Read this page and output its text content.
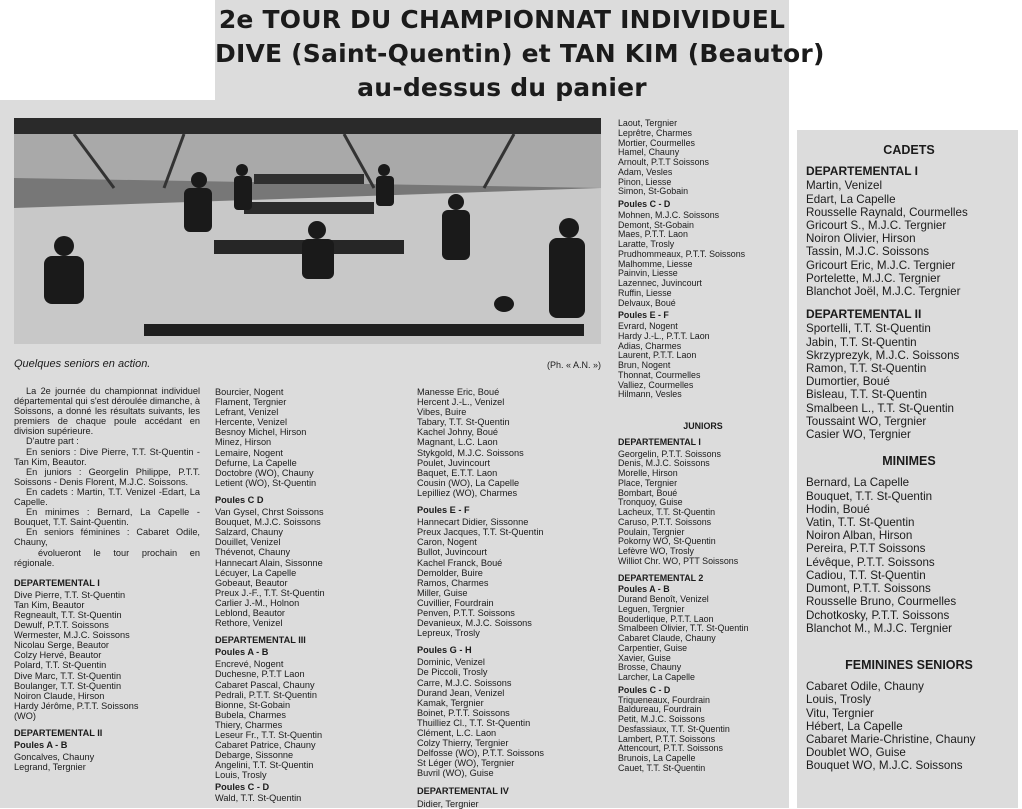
2e TOUR DU CHAMPIONNAT INDIVIDUEL
DIVE (Saint-Quentin) et TAN KIM (Beautor)
au-dessus du panier
Quelques seniors en action.	(Ph. « A.N. »)
La 2e journée du championnat individuel départemental qui s'est déroulée dimanche, à Soissons, a donné les résultats suivants, les premiers de chaque poule accédant en division supérieure.
D'autre part :
En seniors : Dive Pierre, T.T. St-Quentin - Tan Kim, Beautor.
En juniors : Georgelin Philippe, P.T.T. Soissons - Denis Florent, M.J.C. Soissons.
En cadets : Martin, T.T. Venizel -Edart, La Capelle.
En minimes : Bernard, La Capelle -Bouquet, T.T. Saint-Quentin.
En seniors féminines : Cabaret Odile, Chauny,
évolueront le tour prochain en régionale.
DEPARTEMENTAL I
Dive Pierre, T.T. St-Quentin
Tan Kim, Beautor
Regneault, T.T. St-Quentin
Dewulf, P.T.T. Soissons
Wermester, M.J.C. Soissons
Nicolau Serge, Beautor
Colzy Hervé, Beautor
Polard, T.T. St-Quentin
Dive Marc, T.T. St-Quentin
Boulanger, T.T. St-Quentin
Noiron Claude, Hirson
Hardy Jérôme, P.T.T. Soissons
(WO)
DEPARTEMENTAL II
Poules A - B
Goncalves, Chauny
Legrand, Tergnier
Bourcier, Nogent
Flament, Tergnier
Lefrant, Venizel
Hercente, Venizel
Besnoy Michel, Hirson
Minez, Hirson
Lemaire, Nogent
Defurne, La Capelle
Doctobre (WO), Chauny
Letient (WO), St-Quentin
Poules C D
Van Gysel, Chrst Soissons
Bouquet, M.J.C. Soissons
Salzard, Chauny
Douillet, Venizel
Thévenot, Chauny
Hannecart Alain, Sissonne
Lécuyer, La Capelle
Gobeaut, Beautor
Preux J.-F., T.T. St-Quentin
Carlier J.-M., Holnon
Leblond, Beautor
Rethore, Venizel
DEPARTEMENTAL III
Poules A - B
Encrevé, Nogent
Duchesne, P.T.T Laon
Cabaret Pascal, Chauny
Pedrali, P.T.T. St-Quentin
Bionne, St-Gobain
Bubela, Charmes
Thiery, Charmes
Leseur Fr., T.T. St-Quentin
Cabaret Patrice, Chauny
Debarge, Sissonne
Angelini, T.T. St-Quentin
Louis, Trosly
Poules C - D
Wald, T.T. St-Quentin
Manesse Eric, Boué
Hercent J.-L., Venizel
Vibes, Buire
Tabary, T.T. St-Quentin
Kachel Johny, Boué
Magnant, L.C. Laon
Stykgold, M.J.C. Soissons
Poulet, Juvincourt
Baquet, E.T.T. Laon
Cousin (WO), La Capelle
Lepilliez (WO), Charmes
Poules E - F
Hannecart Didier, Sissonne
Preux Jacques, T.T. St-Quentin
Caron, Nogent
Bullot, Juvincourt
Kachel Franck, Boué
Demolder, Buire
Ramos, Charmes
Miller, Guise
Cuvillier, Fourdrain
Penven, P.T.T. Soissons
Devanieux, M.J.C. Soissons
Lepreux, Trosly
Poules G - H
Dominic, Venizel
De Piccoli, Trosly
Carre, M.J.C. Soissons
Durand Jean, Venizel
Kamak, Tergnier
Boinet, P.T.T. Soissons
Thuilliez Cl., T.T. St-Quentin
Clément, L.C. Laon
Colzy Thierry, Tergnier
Delfosse (WO), P.T.T. Soissons
St Léger (WO), Tergnier
Buvril (WO), Guise
DEPARTEMENTAL IV
Didier, Tergnier
Laout, Tergnier
Leprêtre, Charmes
Mortier, Courmelles
Hamel, Chauny
Arnoult, P.T.T Soissons
Adam, Vesles
Pinon, Liesse
Simon, St-Gobain
Poules C - D
Mohnen, M.J.C. Soissons
Demont, St-Gobain
Maes, P.T.T. Laon
Laratte, Trosly
Prudhommeaux, P.T.T. Soissons
Malhomme, Liesse
Painvin, Liesse
Lazennec, Juvincourt
Ruffin, Liesse
Delvaux, Boué
Poules E - F
Evrard, Nogent
Hardy J.-L., P.T.T. Laon
Adias, Charmes
Laurent, P.T.T. Laon
Brun, Nogent
Thonnat, Courmelles
Valliez, Courmelles
Hilmann, Vesles
JUNIORS
DEPARTEMENTAL I
Georgelin, P.T.T. Soissons
Denis, M.J.C. Soissons
Morelle, Hirson
Place, Tergnier
Bombart, Boué
Tronquoy, Guise
Lacheux, T.T. St-Quentin
Caruso, P.T.T. Soissons
Poulain, Tergnier
Pokorny WO, St-Quentin
Lefèvre WO, Trosly
Williot Chr. WO, PTT Soissons
DEPARTEMENTAL 2
Poules A - B
Durand Benoît, Venizel
Leguen, Tergnier
Bouderlique, P.T.T. Laon
Smalbeen Olivier, T.T. St-Quentin
Cabaret Claude, Chauny
Carpentier, Guise
Xavier, Guise
Brosse, Chauny
Larcher, La Capelle
Poules C - D
Triqueneaux, Fourdrain
Baldureau, Fourdrain
Petit, M.J.C. Soissons
Desfassiaux, T.T. St-Quentin
Lambert, P.T.T. Soissons
Attencourt, P.T.T. Soissons
Brunois, La Capelle
Cauet, T.T. St-Quentin
CADETS
DEPARTEMENTAL I
Martin, Venizel
Edart, La Capelle
Rousselle Raynald, Courmelles
Gricourt S., M.J.C. Tergnier
Noiron Olivier, Hirson
Tassin, M.J.C. Soissons
Gricourt Eric, M.J.C. Tergnier
Portelette, M.J.C. Tergnier
Blanchot Joël, M.J.C. Tergnier
DEPARTEMENTAL II
Sportelli, T.T. St-Quentin
Jabin, T.T. St-Quentin
Skrzyprezyk, M.J.C. Soissons
Ramon, T.T. St-Quentin
Dumortier, Boué
Bisleau, T.T. St-Quentin
Smalbeen L., T.T. St-Quentin
Toussaint WO, Tergnier
Casier WO, Tergnier
MINIMES
Bernard, La Capelle
Bouquet, T.T. St-Quentin
Hodin, Boué
Vatin, T.T. St-Quentin
Noiron Alban, Hirson
Pereira, P.T.T Soissons
Lévêque, P.T.T. Soissons
Cadiou, T.T. St-Quentin
Dumont, P.T.T. Soissons
Rousselle Bruno, Courmelles
Dchotkosky, P.T.T. Soissons
Blanchot M., M.J.C. Tergnier
FEMININES SENIORS
Cabaret Odile, Chauny
Louis, Trosly
Vitu, Tergnier
Hébert, La Capelle
Cabaret Marie-Christine, Chauny
Doublet WO, Guise
Bouquet WO, M.J.C. Soissons
